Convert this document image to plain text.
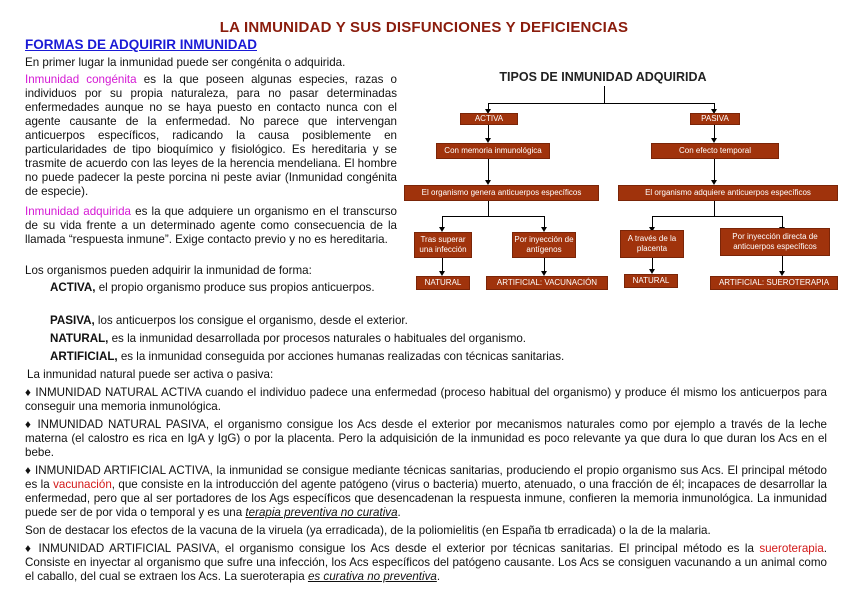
LA INMUNIDAD Y SUS DISFUNCIONES Y DEFICIENCIAS
FORMAS DE ADQUIRIR INMUNIDAD
En primer lugar la inmunidad puede ser congénita o adquirida.
Inmunidad congénita es la que poseen algunas especies, razas o individuos por su propia naturaleza, para no pasar determinadas enfermedades aunque no se haya puesto en contacto nunca con el agente causante de la enfermedad. No parece que intervengan anticuerpos específicos, radicando la causa posiblemente en particularidades de tipo bioquímico y fisiológico. Es hereditaria y se trasmite de acuerdo con las leyes de la herencia mendeliana. El hombre no puede padecer la peste porcina ni peste aviar (Inmunidad congénita de especie).
Inmunidad adquirida es la que adquiere un organismo en el transcurso de su vida frente a un determinado agente como consecuencia de la llamada “respuesta inmune”. Exige contacto previo y no es hereditaria.
Los organismos pueden adquirir la inmunidad de forma:
ACTIVA, el propio organismo produce sus propios anticuerpos.
PASIVA, los anticuerpos los consigue el organismo, desde el exterior.
NATURAL, es la inmunidad desarrollada por procesos naturales o habituales del organismo.
ARTIFICIAL, es la inmunidad conseguida por acciones humanas realizadas con técnicas sanitarias.
La inmunidad natural puede ser activa o pasiva:
♦ INMUNIDAD NATURAL ACTIVA cuando el individuo padece una enfermedad (proceso habitual del organismo) y produce él mismo los anticuerpos para conseguir una memoria inmunológica.
♦ INMUNIDAD NATURAL PASIVA, el organismo consigue los Acs desde el exterior por mecanismos naturales como por ejemplo a través de la leche materna (el calostro es rica en IgA y IgG) o por la placenta. Pero la adquisición de la inmunidad es poco relevante ya que dura lo que duran los Acs en el bebe.
♦ INMUNIDAD ARTIFICIAL ACTIVA, la inmunidad se consigue mediante técnicas sanitarias, produciendo el propio organismo sus Acs. El principal método es la vacunación, que consiste en la introducción del agente patógeno (virus o bacteria) muerto, atenuado, o una fracción de él; incapaces de desarrollar la enfermedad, pero que al ser portadores de los Ags específicos que desencadenan la respuesta inmune, confieren la memoria inmunológica. La inmunidad puede ser de por vida o temporal y es una terapia preventiva no curativa.
Son de destacar los efectos de la vacuna de la viruela (ya erradicada), de la poliomielitis (en España tb erradicada) o la de la malaria.
♦ INMUNIDAD ARTIFICIAL PASIVA, el organismo consigue los Acs desde el exterior por técnicas sanitarias. El principal método es la sueroterapia. Consiste en inyectar al organismo que sufre una infección, los Acs específicos del patógeno causante. Los Acs se consiguen vacunando a un animal como el caballo, del cual se extraen los Acs. La sueroterapia es curativa no preventiva.
TIPOS DE INMUNIDAD ADQUIRIDA
ACTIVA	PASIVA
Con memoria inmunológica	Con efecto temporal
El organismo genera anticuerpos específicos	El organismo adquiere anticuerpos específicos
Tras superar una infección
Por inyección de antígenos
A través de la placenta
Por inyección directa de anticuerpos específicos
NATURAL	ARTIFICIAL: VACUNACIÓN	NATURAL	ARTIFICIAL: SUEROTERAPIA
